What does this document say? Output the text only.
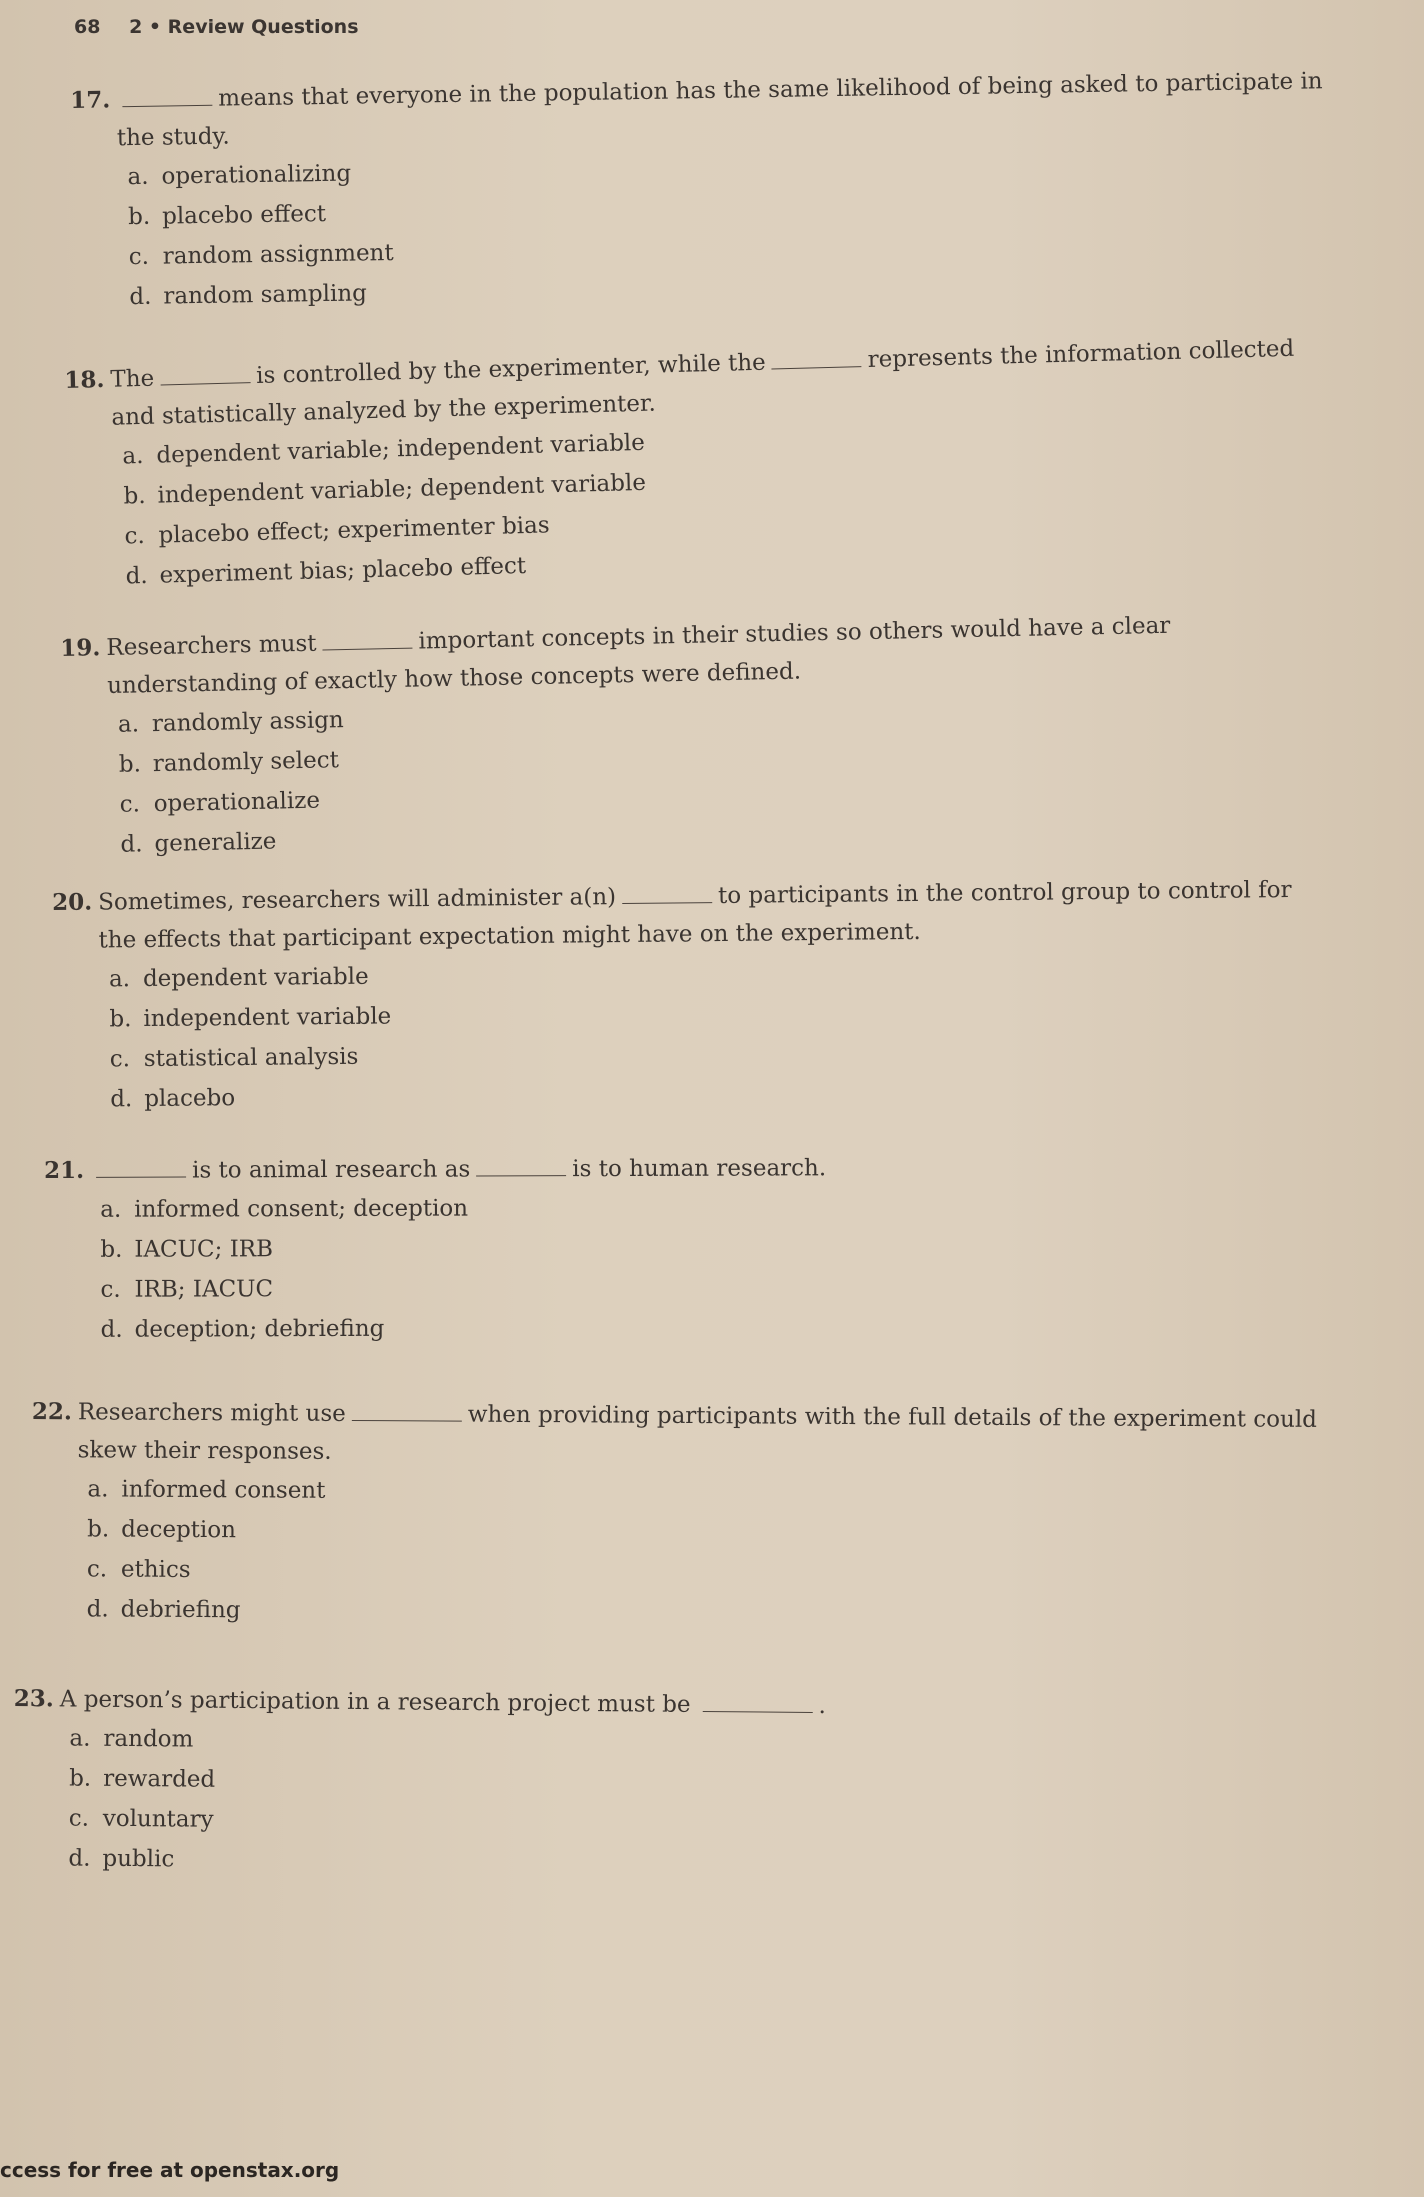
68 2 • Review Questions
17.	means that everyone in the population has the same likelihood of being asked to participate in
the study.
a. operationalizing
b. placebo effect
c. random assignment
d. random sampling
18. The	is controlled by the experimenter, while the	represents the information collected
and statistically analyzed by the experimenter.
a. dependent variable; independent variable
b. independent variable; dependent variable
c. placebo effect; experimenter bias
d. experiment bias; placebo effect
19. Researchers must	important concepts in their studies so others would have a clear
understanding of exactly how those concepts were defined.
a. randomly assign
b. randomly select
c. operationalize
d. generalize
20. Sometimes, researchers will administer a(n)	to participants in the control group to control for
the effects that participant expectation might have on the experiment.
a. dependent variable
b. independent variable
c. statistical analysis
d. placebo
21.	is to animal research as	is to human research.
a. informed consent; deception
b. IACUC; IRB
c. IRB; IACUC
d. deception; debriefing
22. Researchers might use	when providing participants with the full details of the experiment could
skew their responses.
a. informed consent
b. deception
c. ethics
d. debriefing
23. A person’s participation in a research project must be	.
a. random
b. rewarded
c. voluntary
d. public
ccess for free at openstax.org
